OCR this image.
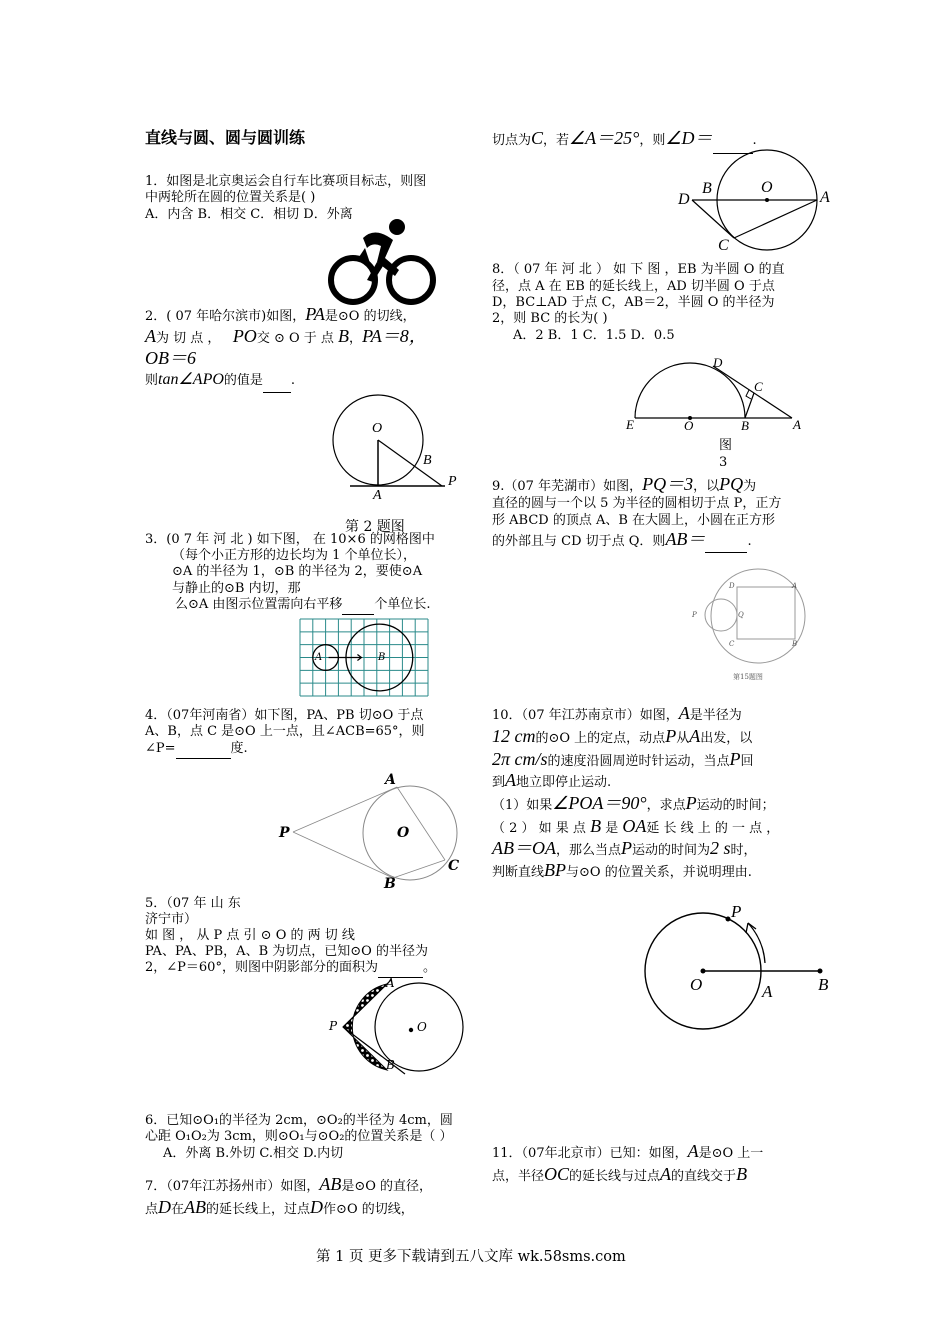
直线与圆、圆与圆训练
1．如图是北京奥运会自行车比赛项目标志，则图
中两轮所在圆的位置关系是( )
A．内含 B．相交 C．相切 D．外离
2．( 07 年哈尔滨市)如图，PA是⊙O 的切线，
A为 切 点 ， PO交 ⊙ O 于 点 B，PA＝8，
OB＝6
则tan∠APO的值是 .
O
B
A
P
第 2 题图
3．(0 7 年 河 北 ) 如下图， 在 10×6 的网格图中
（每个小正方形的边长均为 1 个单位长），
⊙A 的半径为 1，⊙B 的半径为 2，要使⊙A
与静止的⊙B 内切，那
么⊙A 由图示位置需向右平移 个单位长.
A	B
4．（07年河南省）如下图，PA、PB 切⊙O 于点
A、B，点 C 是⊙O 上一点，且∠ACB=65°，则
∠P=	度.
A
P	O
C
B
5．（07 年 山 东
济宁市）
如 图 ， 从 P 点 引 ⊙ O 的 两 切 线
PA、PA、PB，A、B 为切点，已知⊙O 的半径为
2，∠P＝60°，则图中阴影部分的面积为	。
A
P	O
B
6．已知⊙O₁的半径为 2cm，⊙O₂的半径为 4cm，圆
心距 O₁O₂为 3cm，则⊙O₁与⊙O₂的位置关系是（ ）
A．外离 B.外切 C.相交 D.内切
7．（07年江苏扬州市）如图，AB是⊙O 的直径，
点D在AB的延长线上，过点D作⊙O 的切线，
切点为C，若∠A＝25°，则∠D＝	.
D
B	O
A
C
8．（ 07 年 河 北 ） 如 下 图 ，EB 为半圆 O 的直
径，点 A 在 EB 的延长线上，AD 切半圆 O 于点
D，BC⊥AD 于点 C，AB＝2，半圆 O 的半径为
2，则 BC 的长为( )
A．2 B．1 C．1.5 D．0.5
D
C
E	O	B	A
图
3
9.（07 年芜湖市）如图，PQ＝3，以PQ为
直径的圆与一个以 5 为半径的圆相切于点 P，正方
形 ABCD 的顶点 A、B 在大圆上，小圆在正方形
的外部且与 CD 切于点 Q．则AB＝	.
D	A
P	Q
C	B
第15题图
10．（07 年江苏南京市）如图，A是半径为
12 cm的⊙O 上的定点，动点P从A出发，以
2π cm/s的速度沿圆周逆时针运动，当点P回
到A地立即停止运动.
（1）如果∠POA＝90°，求点P运动的时间；
（ 2 ） 如 果 点 B 是 OA延 长 线 上 的 一 点 ，
AB＝OA，那么当点P运动的时间为2 s时，
判断直线BP与⊙O 的位置关系，并说明理由.
P
O	A	B
11．（07年北京市）已知：如图，A是⊙O 上一
点，半径OC的延长线与过点A的直线交于B
第 1 页 更多下载请到五八文库 wk.58sms.com
